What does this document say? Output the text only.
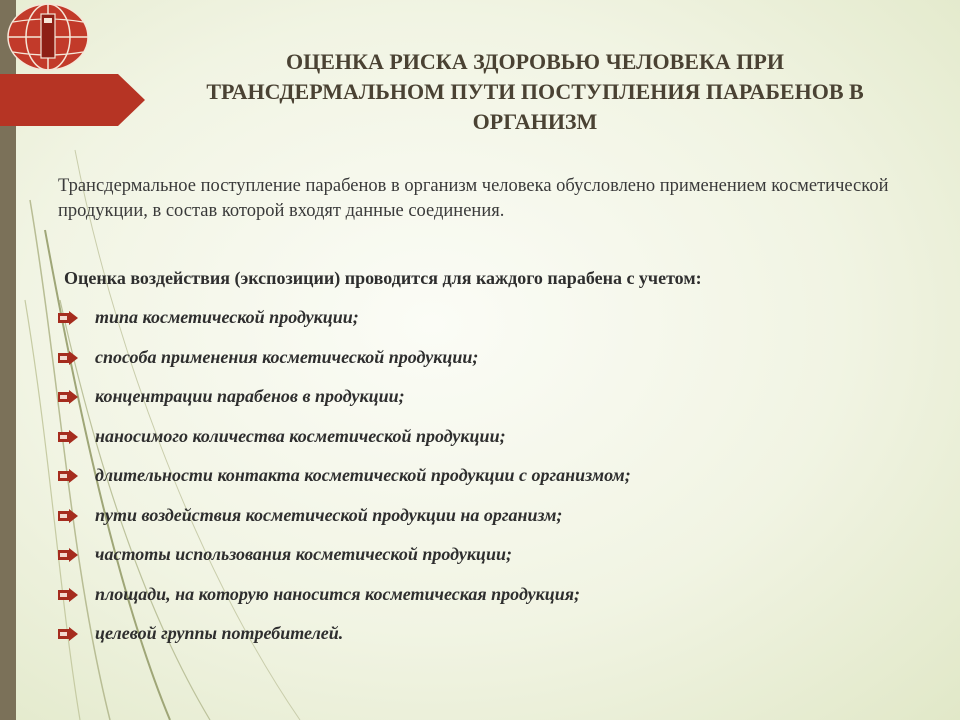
ОЦЕНКА РИСКА ЗДОРОВЬЮ ЧЕЛОВЕКА ПРИ ТРАНСДЕРМАЛЬНОМ ПУТИ ПОСТУПЛЕНИЯ ПАРАБЕНОВ В ОРГАНИЗМ
Трансдермальное поступление парабенов в организм человека обусловлено применением косметической продукции, в состав которой входят данные соединения.
Оценка воздействия (экспозиции) проводится для каждого парабена с учетом:
типа косметической продукции;
способа применения косметической продукции;
концентрации парабенов в продукции;
наносимого количества косметической продукции;
длительности контакта косметической продукции с организмом;
пути воздействия косметической продукции на организм;
частоты использования косметической продукции;
площади, на которую наносится косметическая продукция;
целевой группы потребителей.
